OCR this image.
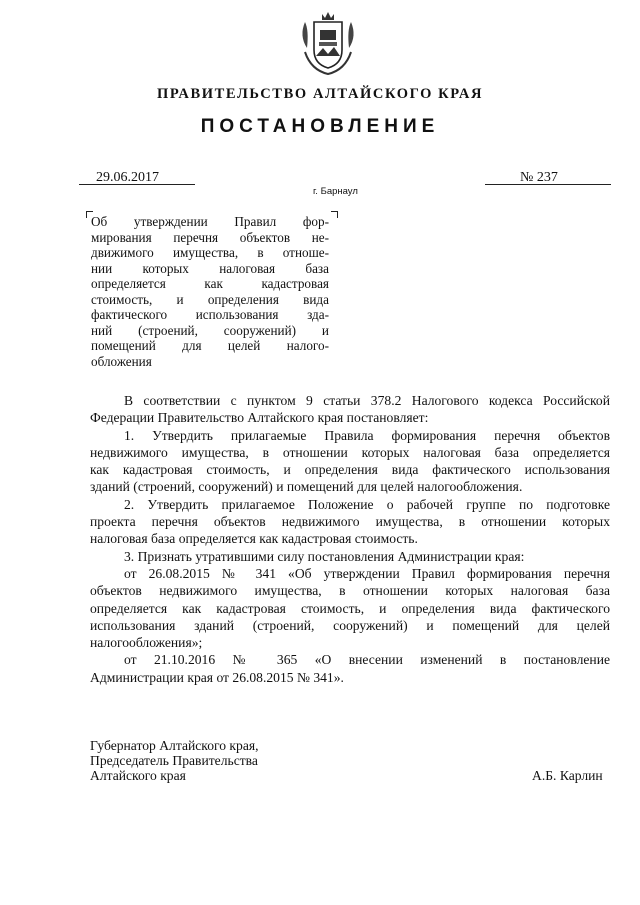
ПРАВИТЕЛЬСТВО АЛТАЙСКОГО КРАЯ
ПОСТАНОВЛЕНИЕ
29.06.2017	№ 237
г. Барнаул
Об утверждении Правил фор-
мирования перечня объектов не-
движимого имущества, в отноше-
нии которых налоговая база
определяется как кадастровая
стоимость, и определения вида
фактического использования зда-
ний (строений, сооружений) и
помещений для целей налого-
обложения
В соответствии с пунктом 9 статьи 378.2 Налогового кодекса Российской
Федерации Правительство Алтайского края постановляет:
1. Утвердить прилагаемые Правила формирования перечня объектов
недвижимого имущества, в отношении которых налоговая база определяется
как кадастровая стоимость, и определения вида фактического использования
зданий (строений, сооружений) и помещений для целей налогообложения.
2. Утвердить прилагаемое Положение о рабочей группе по подготовке
проекта перечня объектов недвижимого имущества, в отношении которых
налоговая база определяется как кадастровая стоимость.
3. Признать утратившими силу постановления Администрации края:
от 26.08.2015 № 341 «Об утверждении Правил формирования перечня
объектов недвижимого имущества, в отношении которых налоговая база
определяется как кадастровая стоимость, и определения вида фактического
использования зданий (строений, сооружений) и помещений для целей
налогообложения»;
от 21.10.2016 № 365 «О внесении изменений в постановление
Администрации края от 26.08.2015 № 341».
Губернатор Алтайского края,
Председатель Правительства
Алтайского края	А.Б. Карлин
